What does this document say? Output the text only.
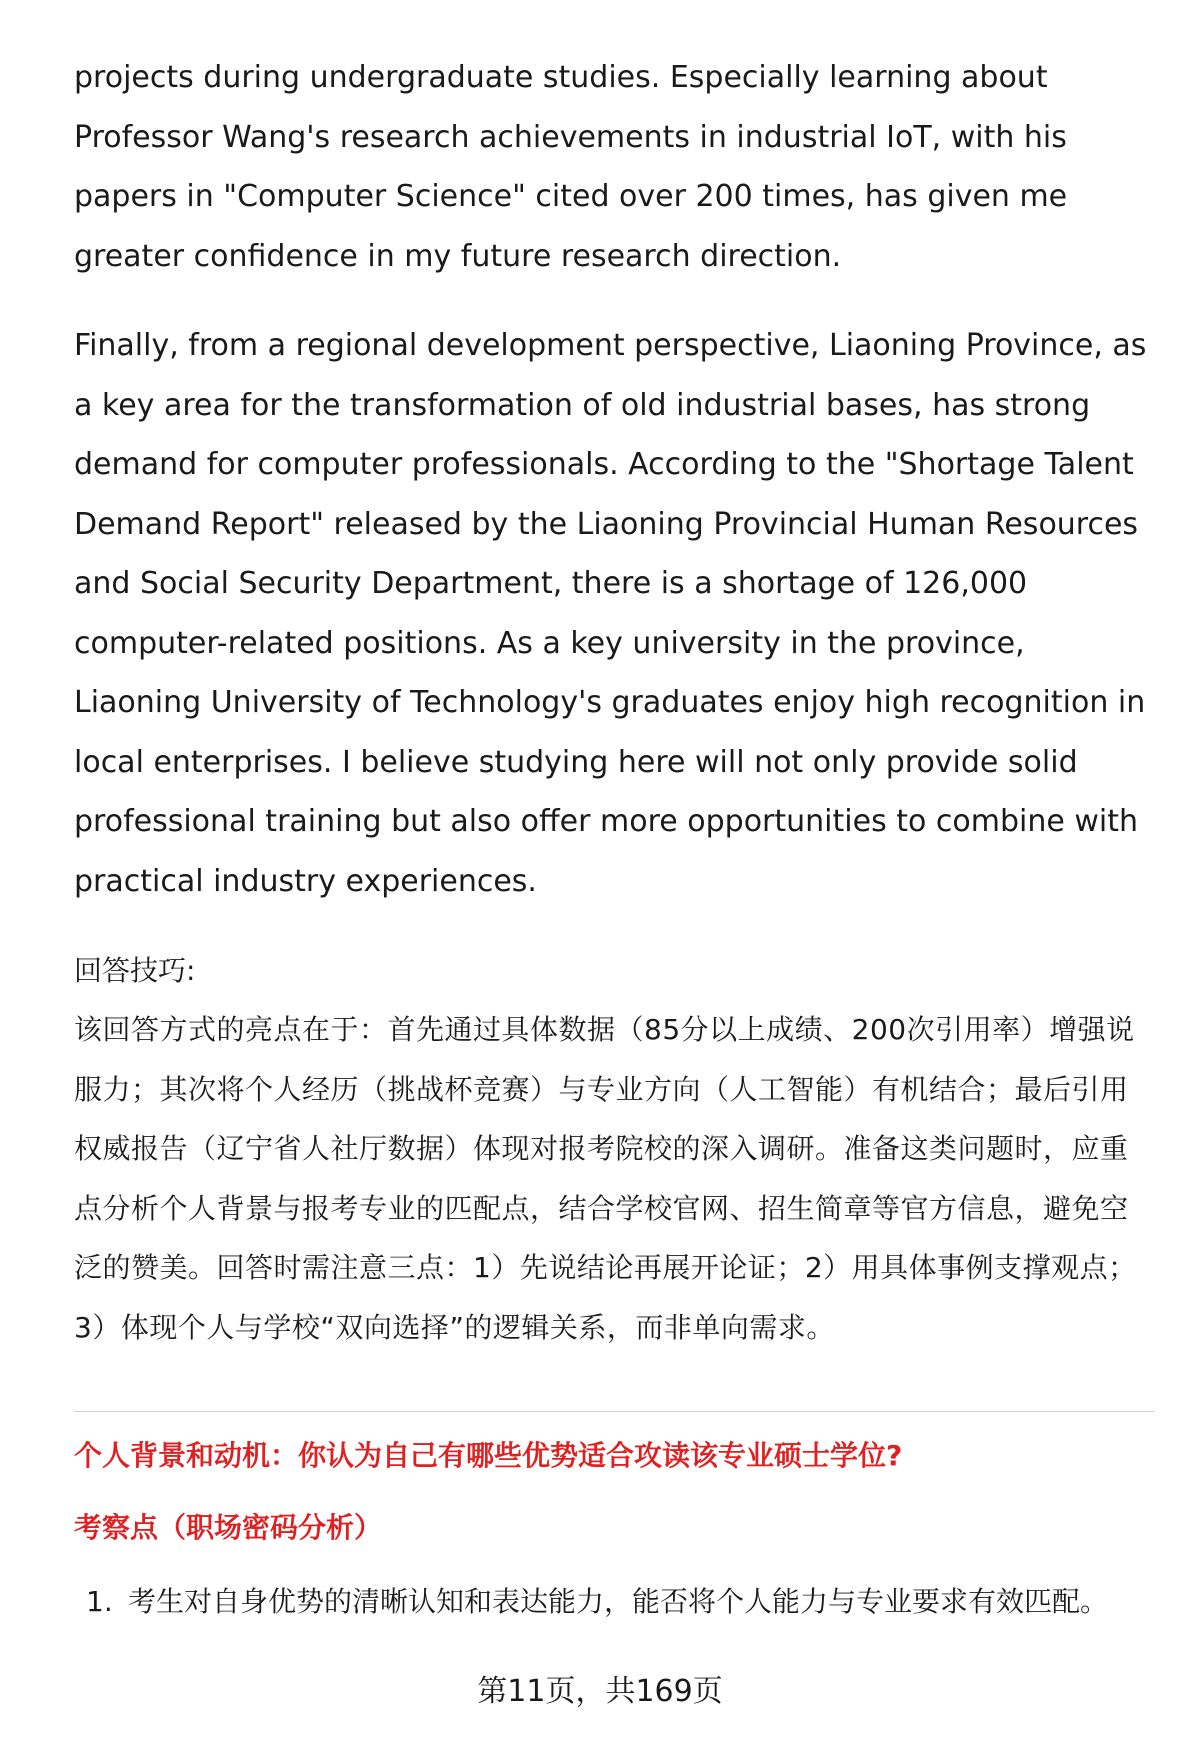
projects during undergraduate studies. Especially learning about Professor Wang's research achievements in industrial IoT, with his papers in "Computer Science" cited over 200 times, has given me greater confidence in my future research direction.

Finally, from a regional development perspective, Liaoning Province, as a key area for the transformation of old industrial bases, has strong demand for computer professionals. According to the "Shortage Talent Demand Report" released by the Liaoning Provincial Human Resources and Social Security Department, there is a shortage of 126,000 computer-related positions. As a key university in the province, Liaoning University of Technology's graduates enjoy high recognition in local enterprises. I believe studying here will not only provide solid professional training but also offer more opportunities to combine with practical industry experiences.

回答技巧:

该回答方式的亮点在于：首先通过具体数据（85分以上成绩、200次引用率）增强说服力；其次将个人经历（挑战杯竞赛）与专业方向（人工智能）有机结合；最后引用权威报告（辽宁省人社厅数据）体现对报考院校的深入调研。准备这类问题时，应重点分析个人背景与报考专业的匹配点，结合学校官网、招生简章等官方信息，避免空泛的赞美。回答时需注意三点：1）先说结论再展开论证；2）用具体事例支撑观点；3）体现个人与学校“双向选择”的逻辑关系，而非单向需求。

个人背景和动机：你认为自己有哪些优势适合攻读该专业硕士学位?

考察点（职场密码分析）

1. 考生对自身优势的清晰认知和表达能力，能否将个人能力与专业要求有效匹配。
第11页，共169页
